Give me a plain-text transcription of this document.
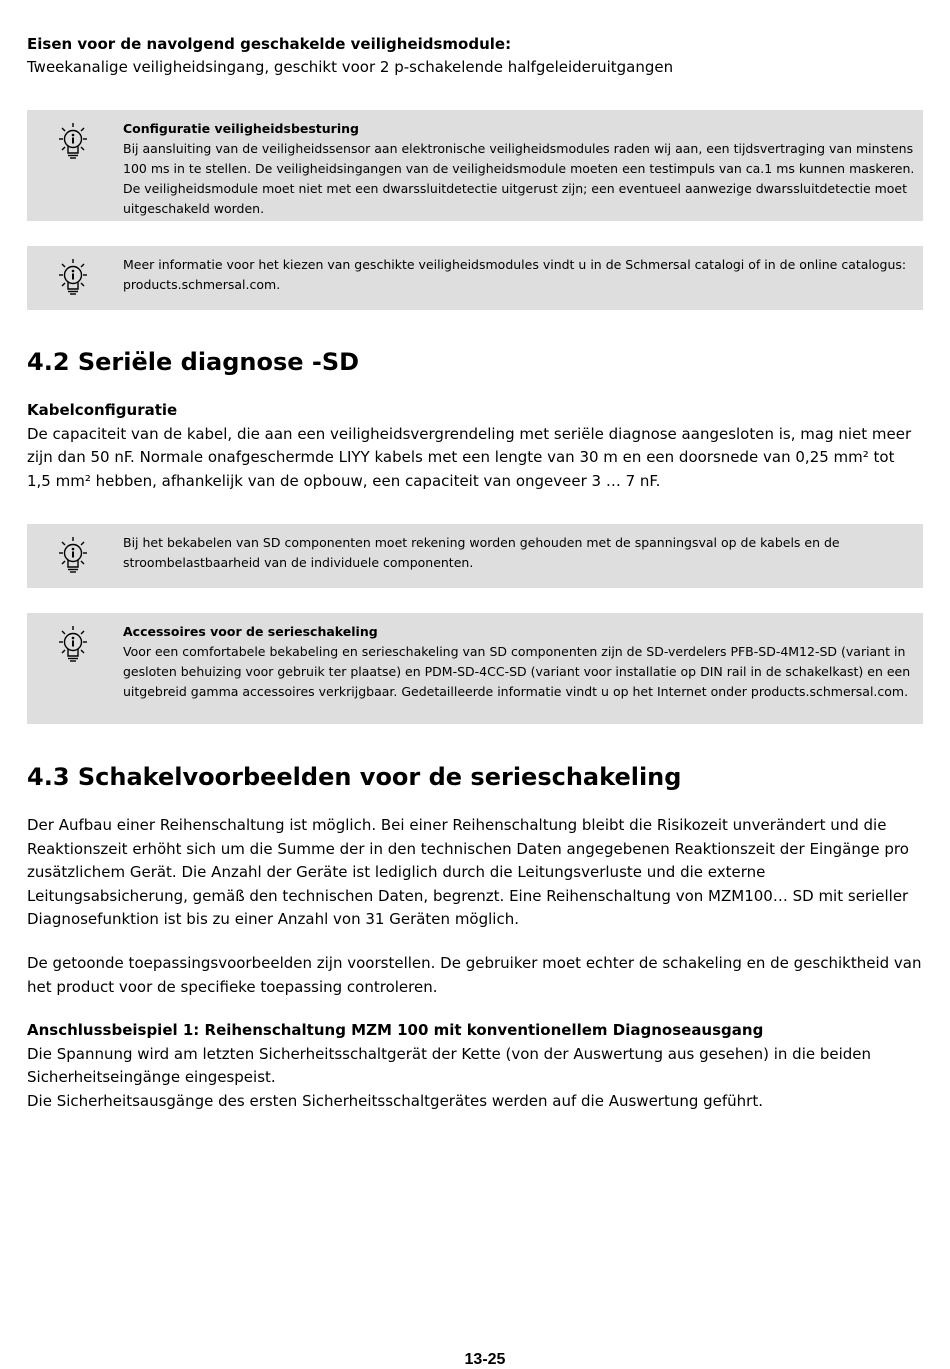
Eisen voor de navolgend geschakelde veiligheidsmodule:
Tweekanalige veiligheidsingang, geschikt voor 2 p-schakelende halfgeleideruitgangen
Configuratie veiligheidsbesturing
Bij aansluiting van de veiligheidssensor aan elektronische veiligheidsmodules raden wij aan, een tijdsvertraging van minstens 100 ms in te stellen. De veiligheidsingangen van de veiligheidsmodule moeten een testimpuls van ca.1 ms kunnen maskeren. De veiligheidsmodule moet niet met een dwarssluitdetectie uitgerust zijn; een eventueel aanwezige dwarssluitdetectie moet uitgeschakeld worden.
Meer informatie voor het kiezen van geschikte veiligheidsmodules vindt u in de Schmersal catalogi of in de online catalogus: products.schmersal.com.
4.2 Seriële diagnose -SD
Kabelconfiguratie
De capaciteit van de kabel, die aan een veiligheidsvergrendeling met seriële diagnose aangesloten is, mag niet meer zijn dan 50 nF. Normale onafgeschermde LIYY kabels met een lengte van 30 m en een doorsnede van 0,25 mm² tot 1,5 mm² hebben, afhankelijk van de opbouw, een capaciteit van ongeveer 3 … 7 nF.
Bij het bekabelen van SD componenten moet rekening worden gehouden met de spanningsval op de kabels en de stroombelastbaarheid van de individuele componenten.
Accessoires voor de serieschakeling
Voor een comfortabele bekabeling en serieschakeling van SD componenten zijn de SD-verdelers PFB-SD-4M12-SD (variant in gesloten behuizing voor gebruik ter plaatse) en PDM-SD-4CC-SD (variant voor installatie op DIN rail in de schakelkast) en een uitgebreid gamma accessoires verkrijgbaar. Gedetailleerde informatie vindt u op het Internet onder products.schmersal.com.
4.3 Schakelvoorbeelden voor de serieschakeling

Der Aufbau einer Reihenschaltung ist möglich. Bei einer Reihenschaltung bleibt die Risikozeit unverändert und die Reaktionszeit erhöht sich um die Summe der in den technischen Daten angegebenen Reaktionszeit der Eingänge pro zusätzlichem Gerät. Die Anzahl der Geräte ist lediglich durch die Leitungsverluste und die externe Leitungsabsicherung, gemäß den technischen Daten, begrenzt. Eine Reihenschaltung von MZM100… SD mit serieller Diagnosefunktion ist bis zu einer Anzahl von 31 Geräten möglich.

De getoonde toepassingsvoorbeelden zijn voorstellen. De gebruiker moet echter de schakeling en de geschiktheid van het product voor de specifieke toepassing controleren.

Anschlussbeispiel 1: Reihenschaltung MZM 100 mit konventionellem Diagnoseausgang
Die Spannung wird am letzten Sicherheitsschaltgerät der Kette (von der Auswertung aus gesehen) in die beiden Sicherheitseingänge eingespeist.
Die Sicherheitsausgänge des ersten Sicherheitsschaltgerätes werden auf die Auswertung geführt.
13-25
